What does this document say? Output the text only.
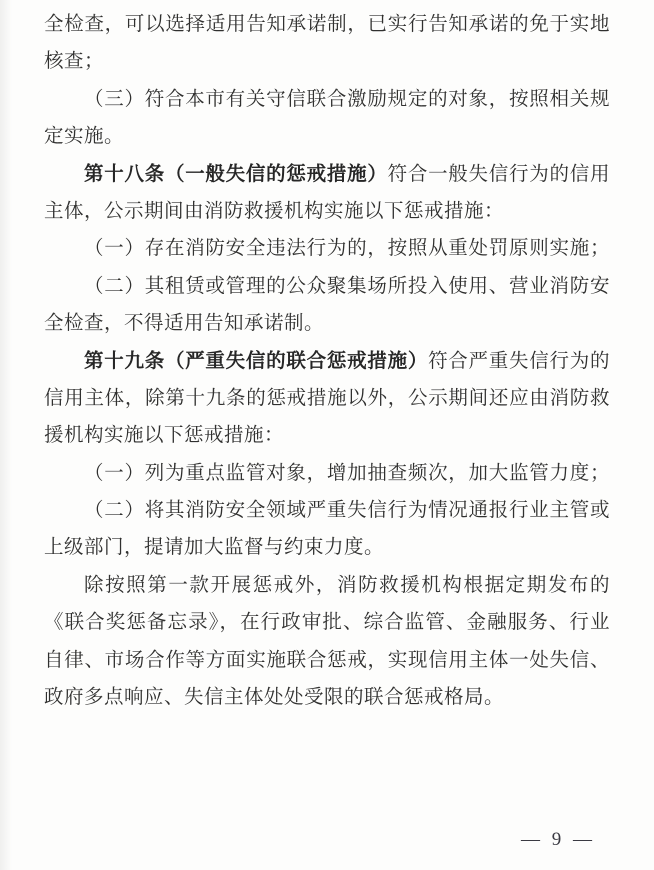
全检查，可以选择适用告知承诺制，已实行告知承诺的免于实地
核查；
（三）符合本市有关守信联合激励规定的对象，按照相关规
定实施。
第十八条（一般失信的惩戒措施）符合一般失信行为的信用
主体，公示期间由消防救援机构实施以下惩戒措施：
（一）存在消防安全违法行为的，按照从重处罚原则实施；
（二）其租赁或管理的公众聚集场所投入使用、营业消防安
全检查，不得适用告知承诺制。
第十九条（严重失信的联合惩戒措施）符合严重失信行为的
信用主体，除第十九条的惩戒措施以外，公示期间还应由消防救
援机构实施以下惩戒措施：
（一）列为重点监管对象，增加抽查频次，加大监管力度；
（二）将其消防安全领域严重失信行为情况通报行业主管或
上级部门，提请加大监督与约束力度。
除按照第一款开展惩戒外，消防救援机构根据定期发布的
《联合奖惩备忘录》，在行政审批、综合监管、金融服务、行业
自律、市场合作等方面实施联合惩戒，实现信用主体一处失信、
政府多点响应、失信主体处处受限的联合惩戒格局。
— 9 —
